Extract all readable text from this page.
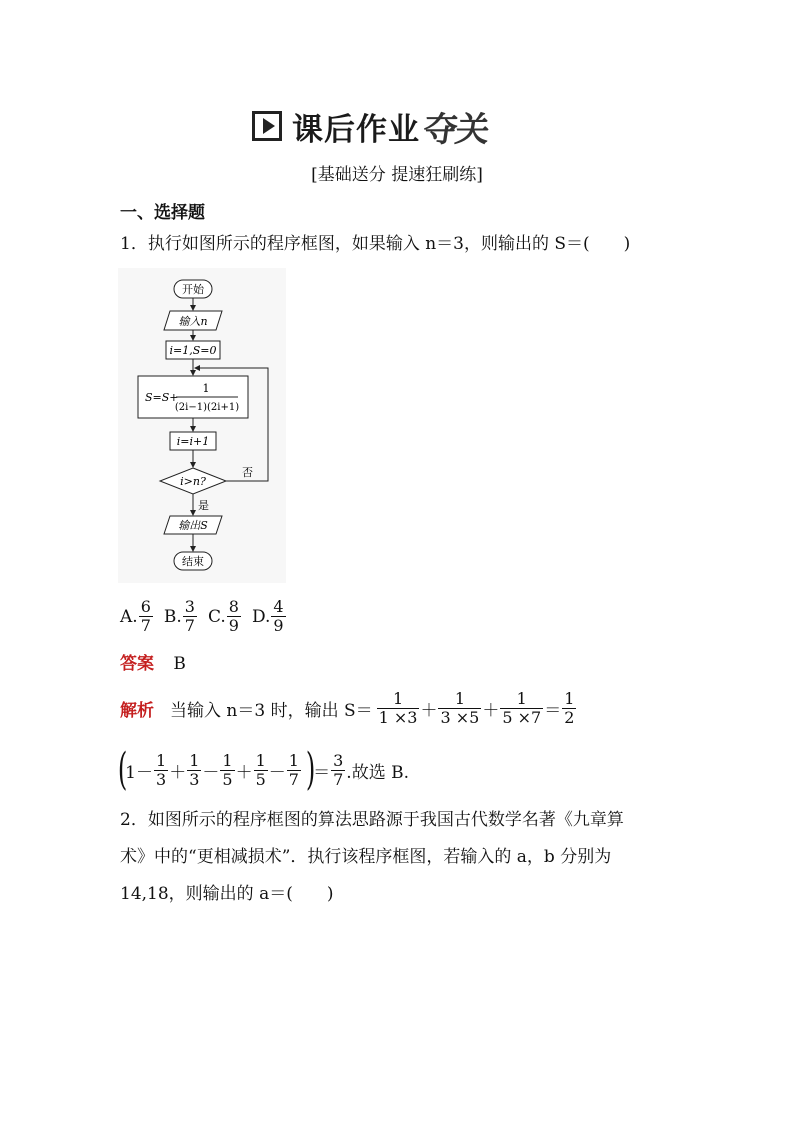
课后作业 夺关
[基础送分 提速狂刷练]
一、选择题
1．执行如图所示的程序框图，如果输入 n＝3，则输出的 S＝(　　)
开始
输入n
i=1,S=0
S=S+
1
(2i−1)(2i+1)
i=i+1
i>n?
否
是
输出S
结束
A. $\frac{6}{7} B$. $\frac{3}{7} C$. $\frac{8}{9} D$. $\frac{4}{9}$
答案 B
解析 当输入 n＝3 时，输出 $S= \frac{1}{1 \times 3} + \frac{1}{3 \times 5} + \frac{1}{5 \times 7} = \frac{1}{2}$
(
$1- \frac{1}{3} + \frac{1}{3} - \frac{1}{5} + \frac{1}{5} - \frac{1}{7}$ )
＝ $\frac{3}{7}$ .故选 B.
2．如图所示的程序框图的算法思路源于我国古代数学名著《九章算
术》中的“更相减损术”．执行该程序框图，若输入的 a，b 分别为
14,18，则输出的 a＝(　　)
